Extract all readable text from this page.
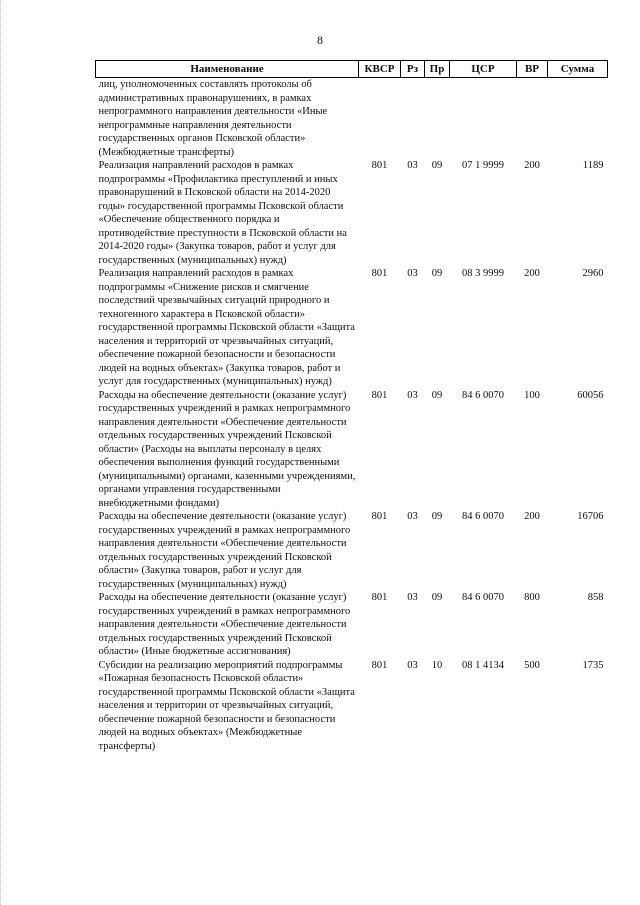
8
Наименование	КВСР	Рз	Пр	ЦСР	ВР	Сумма
лиц, уполномоченных составлять протоколы об административных правонарушениях, в рамках непрограммного направления деятельности «Иные непрограммные направления деятельности государственных органов Псковской области» (Межбюджетные трансферты)						
Реализация направлений расходов в рамках подпрограммы «Профилактика преступлений и иных правонарушений в Псковской области на 2014-2020 годы» государственной программы Псковской области «Обеспечение общественного порядка и противодействие преступности в Псковской области на 2014-2020 годы» (Закупка товаров, работ и услуг для государственных (муниципальных) нужд)	801	03	09	07 1 9999	200	1189
Реализация направлений расходов в рамках подпрограммы «Снижение рисков и смягчение последствий чрезвычайных ситуаций природного и техногенного характера в Псковской области» государственной программы Псковской области «Защита населения и территорий от чрезвычайных ситуаций, обеспечение пожарной безопасности и безопасности людей на водных объектах» (Закупка товаров, работ и услуг для государственных (муниципальных) нужд)	801	03	09	08 3 9999	200	2960
Расходы на обеспечение деятельности (оказание услуг) государственных учреждений в рамках непрограммного направления деятельности «Обеспечение деятельности отдельных государственных учреждений Псковской области» (Расходы на выплаты персоналу в целях обеспечения выполнения функций государственными (муниципальными) органами, казенными учреждениями, органами управления государственными внебюджетными фондами)	801	03	09	84 6 0070	100	60056
Расходы на обеспечение деятельности (оказание услуг) государственных учреждений в рамках непрограммного направления деятельности «Обеспечение деятельности отдельных государственных учреждений Псковской области» (Закупка товаров, работ и услуг для государственных (муниципальных) нужд)	801	03	09	84 6 0070	200	16706
Расходы на обеспечение деятельности (оказание услуг) государственных учреждений в рамках непрограммного направления деятельности «Обеспечение деятельности отдельных государственных учреждений Псковской области» (Иные бюджетные ассигнования)	801	03	09	84 6 0070	800	858
Субсидии на реализацию мероприятий подпрограммы «Пожарная безопасность Псковской области» государственной программы Псковской области «Защита населения и территории от чрезвычайных ситуаций, обеспечение пожарной безопасности и безопасности людей на водных объектах» (Межбюджетные трансферты)	801	03	10	08 1 4134	500	1735
